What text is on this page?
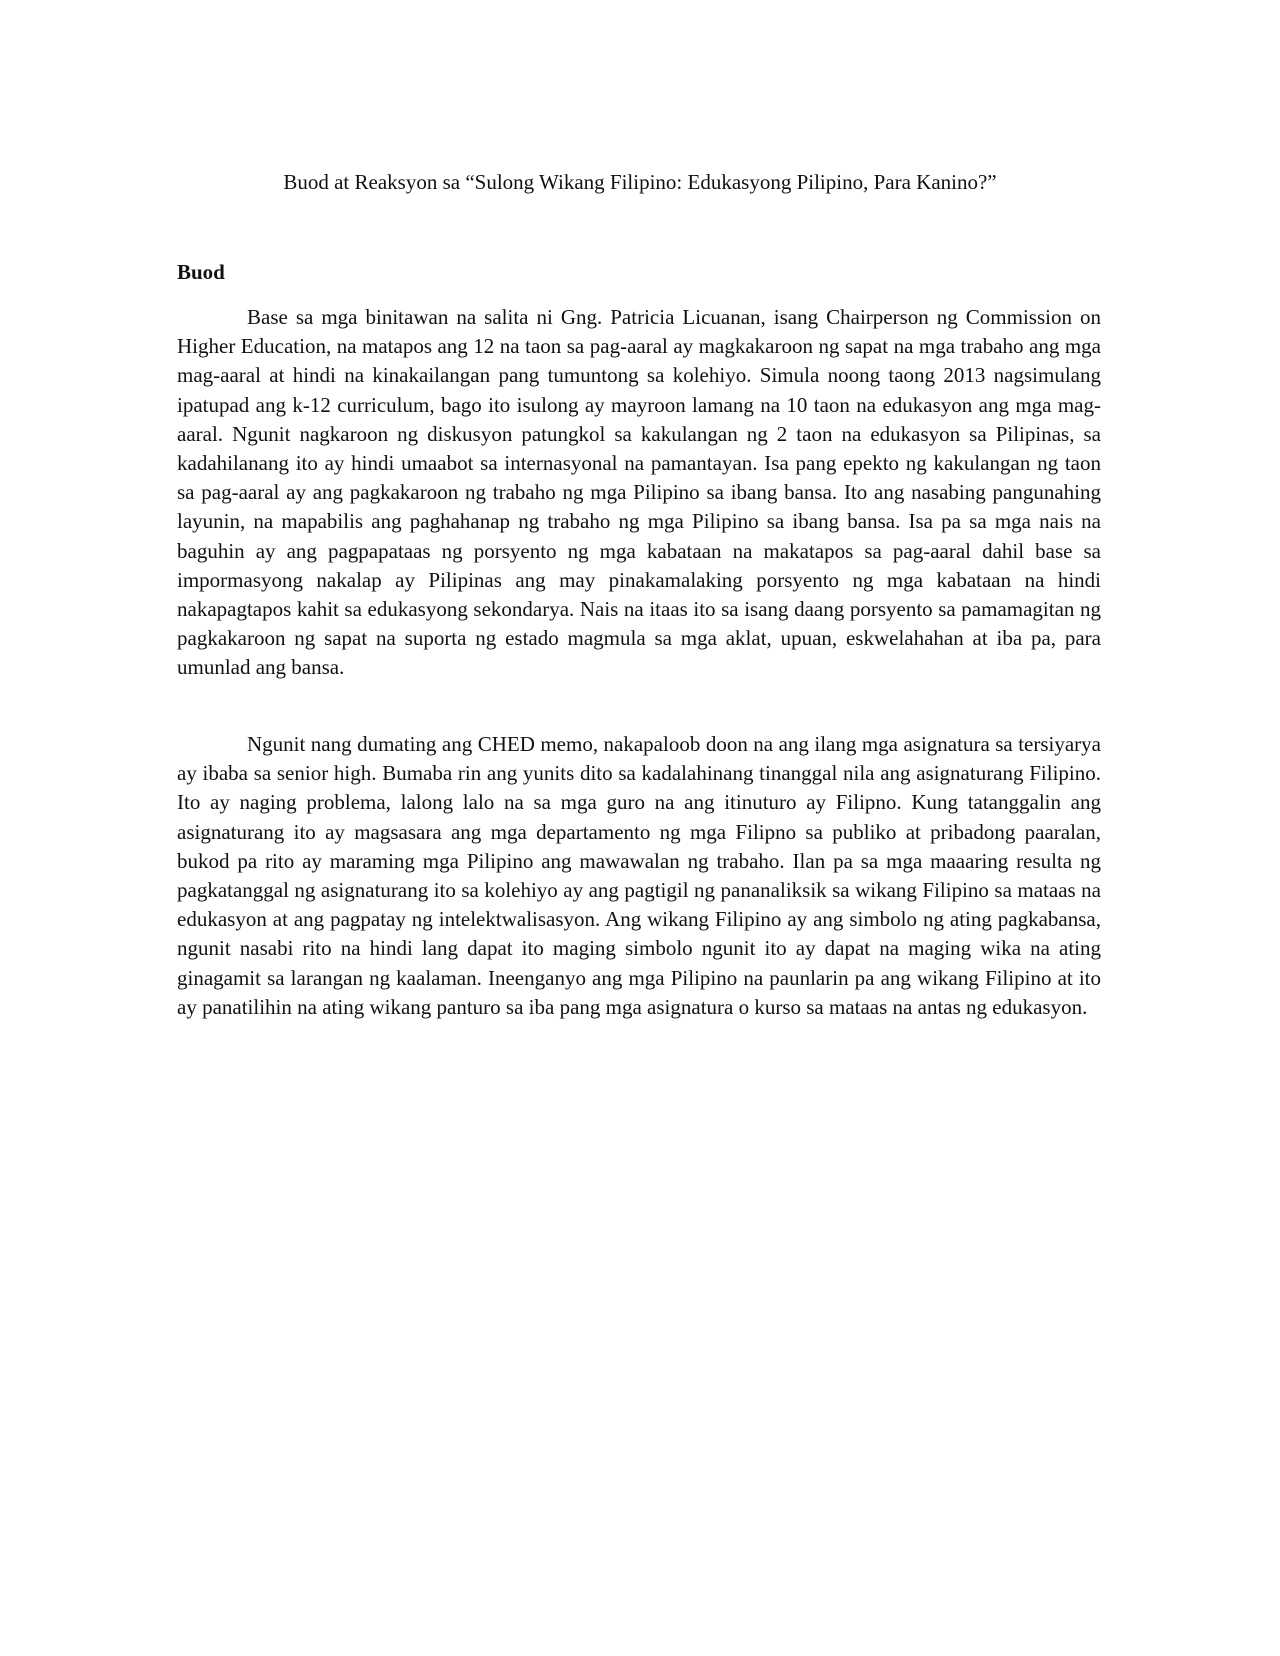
Buod at Reaksyon sa “Sulong Wikang Filipino: Edukasyong Pilipino, Para Kanino?”

Buod

Base sa mga binitawan na salita ni Gng. Patricia Licuanan, isang Chairperson ng Commission on Higher Education, na matapos ang 12 na taon sa pag-aaral ay magkakaroon ng sapat na mga trabaho ang mga mag-aaral at hindi na kinakailangan pang tumuntong sa kolehiyo. Simula noong taong 2013 nagsimulang ipatupad ang k-12 curriculum, bago ito isulong ay mayroon lamang na 10 taon na edukasyon ang mga mag-aaral. Ngunit nagkaroon ng diskusyon patungkol sa kakulangan ng 2 taon na edukasyon sa Pilipinas, sa kadahilanang ito ay hindi umaabot sa internasyonal na pamantayan. Isa pang epekto ng kakulangan ng taon sa pag-aaral ay ang pagkakaroon ng trabaho ng mga Pilipino sa ibang bansa. Ito ang nasabing pangunahing layunin, na mapabilis ang paghahanap ng trabaho ng mga Pilipino sa ibang bansa. Isa pa sa mga nais na baguhin ay ang pagpapataas ng porsyento ng mga kabataan na makatapos sa pag-aaral dahil base sa impormasyong nakalap ay Pilipinas ang may pinakamalaking porsyento ng mga kabataan na hindi nakapagtapos kahit sa edukasyong sekondarya. Nais na itaas ito sa isang daang porsyento sa pamamagitan ng pagkakaroon ng sapat na suporta ng estado magmula sa mga aklat, upuan, eskwelahahan at iba pa, para umunlad ang bansa.

Ngunit nang dumating ang CHED memo, nakapaloob doon na ang ilang mga asignatura sa tersiyarya ay ibaba sa senior high. Bumaba rin ang yunits dito sa kadalahinang tinanggal nila ang asignaturang Filipino. Ito ay naging problema, lalong lalo na sa mga guro na ang itinuturo ay Filipno. Kung tatanggalin ang asignaturang ito ay magsasara ang mga departamento ng mga Filipno sa publiko at pribadong paaralan, bukod pa rito ay maraming mga Pilipino ang mawawalan ng trabaho. Ilan pa sa mga maaaring resulta ng pagkatanggal ng asignaturang ito sa kolehiyo ay ang pagtigil ng pananaliksik sa wikang Filipino sa mataas na edukasyon at ang pagpatay ng intelektwalisasyon. Ang wikang Filipino ay ang simbolo ng ating pagkabansa, ngunit nasabi rito na hindi lang dapat ito maging simbolo ngunit ito ay dapat na maging wika na ating ginagamit sa larangan ng kaalaman. Ineenganyo ang mga Pilipino na paunlarin pa ang wikang Filipino at ito ay panatilihin na ating wikang panturo sa iba pang mga asignatura o kurso sa mataas na antas ng edukasyon.
